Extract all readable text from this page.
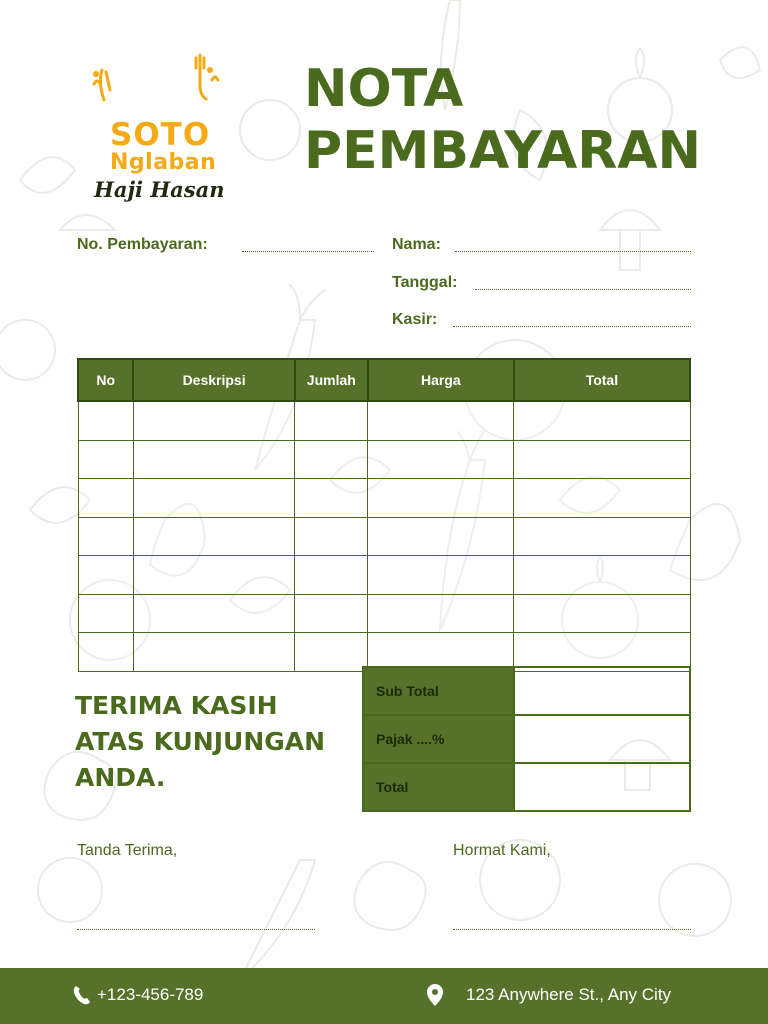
SOTO
Nglaban
Haji Hasan
NOTA
PEMBAYARAN
No. Pembayaran:	Nama:
Tanggal:
Kasir:
No	Deskripsi	Jumlah	Harga	Total

TERIMA KASIH
ATAS KUNJUNGAN
ANDA.
Sub Total	
Pajak ....%	
Total	
Tanda Terima,	Hormat Kami,
+123-456-789	123 Anywhere St., Any City
